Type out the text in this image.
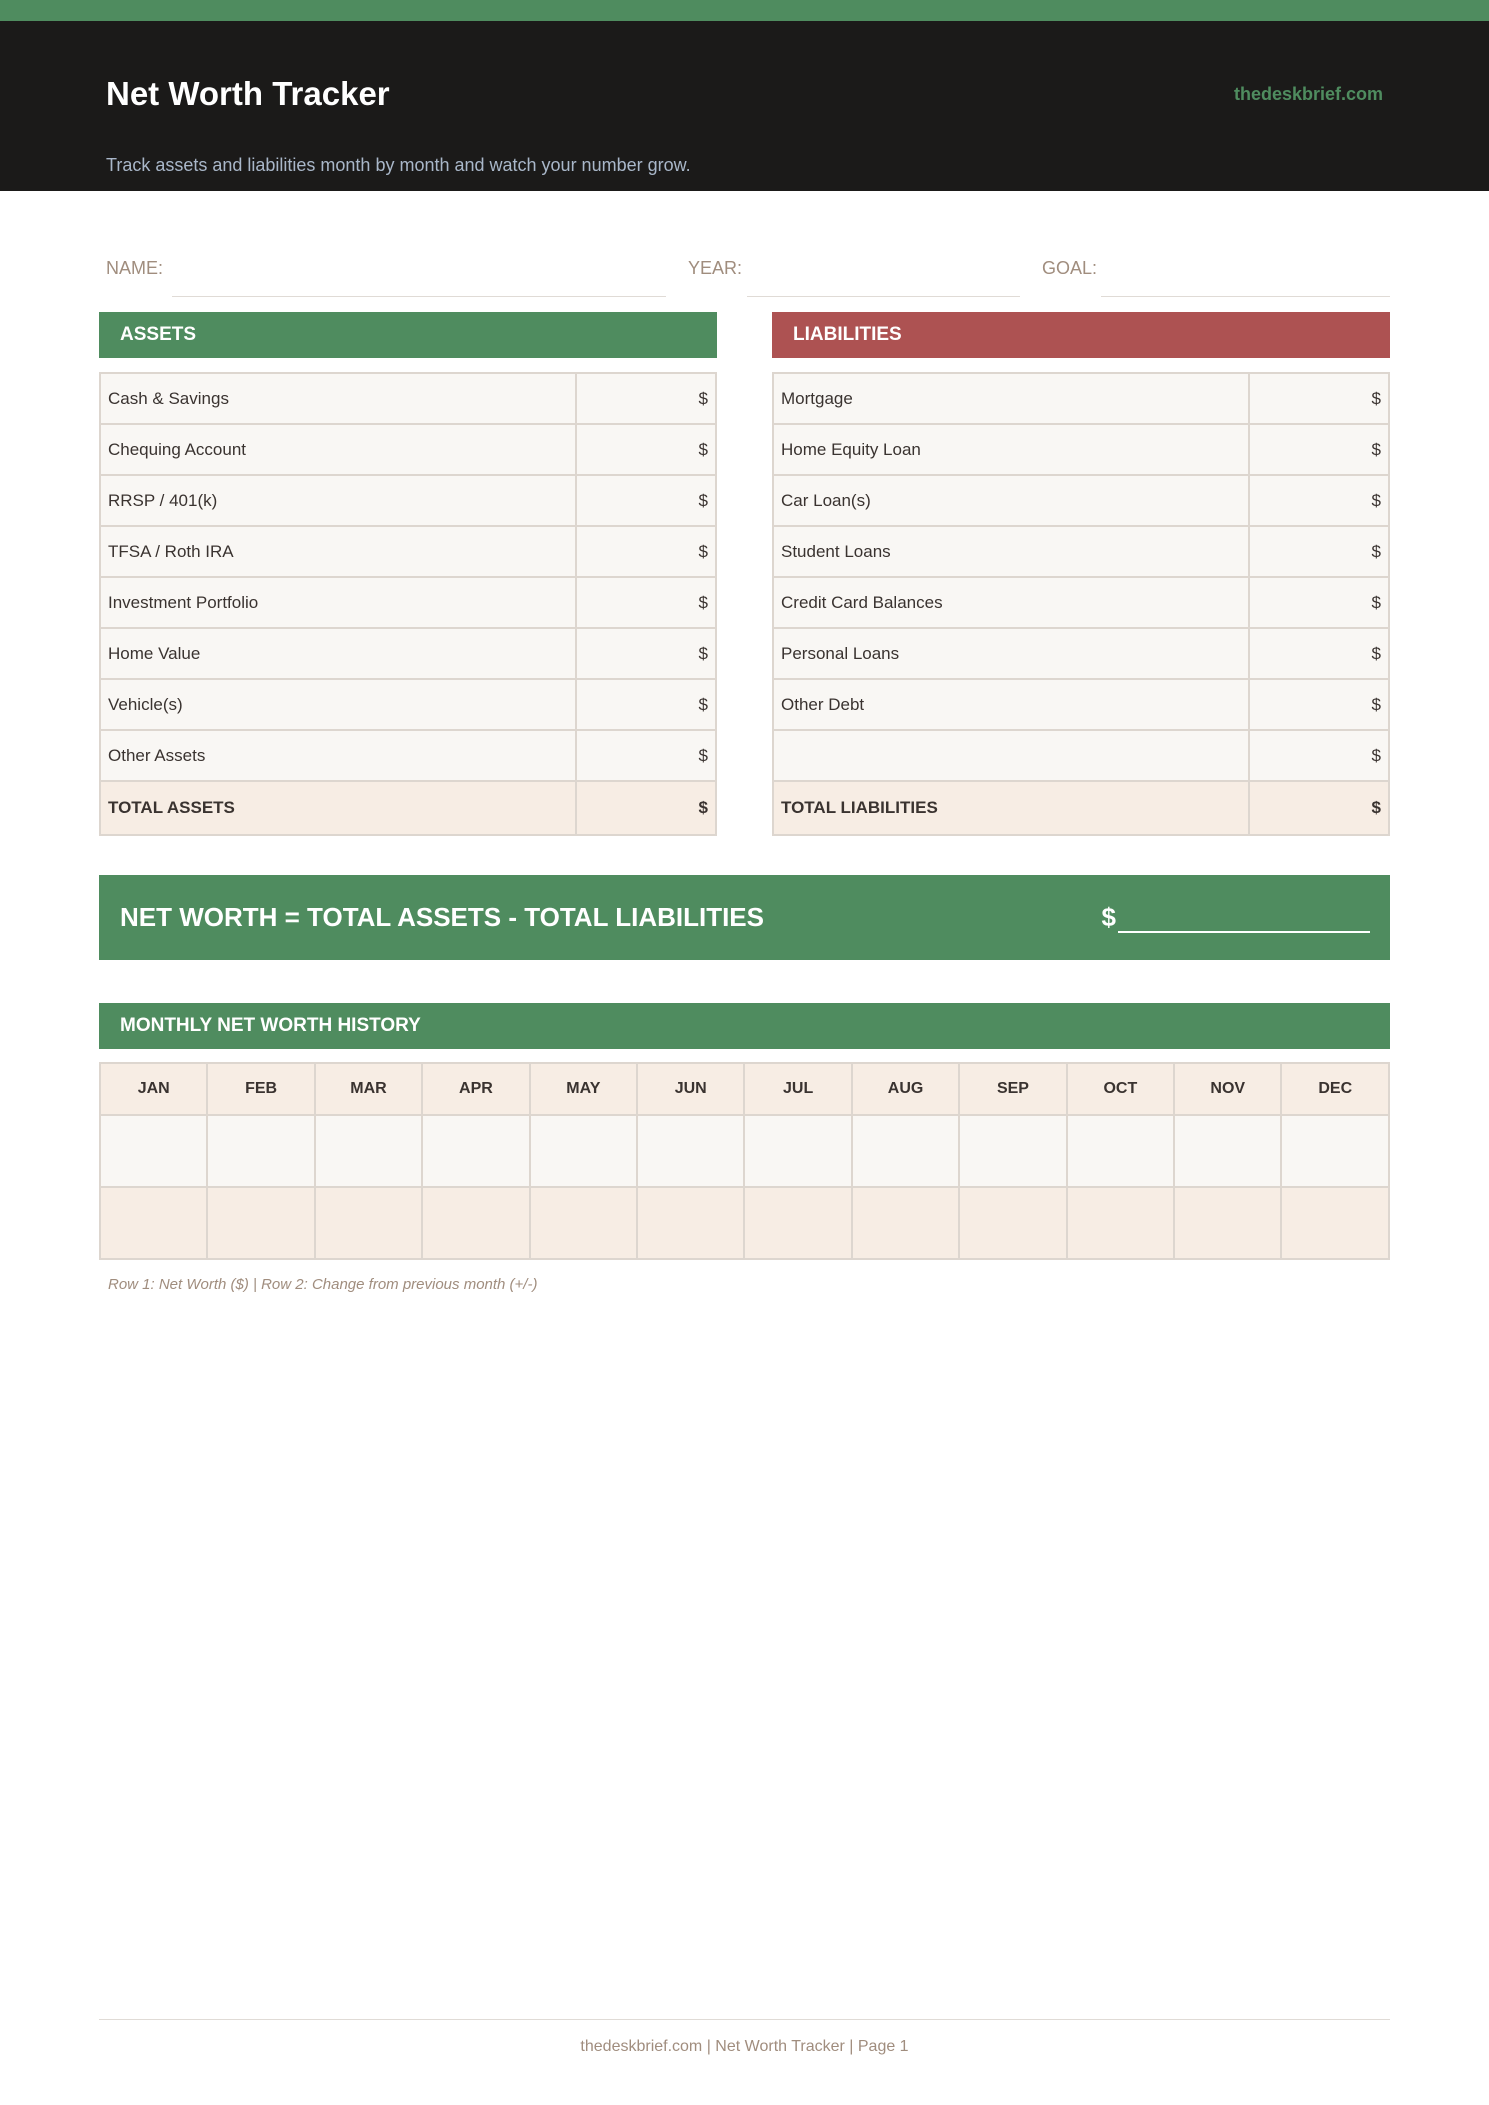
Net Worth Tracker	thedeskbrief.com
Track assets and liabilities month by month and watch your number grow.
NAME:	YEAR:	GOAL:
ASSETS	LIABILITIES
Cash & Savings	$
Chequing Account	$
RRSP / 401(k)	$
TFSA / Roth IRA	$
Investment Portfolio	$
Home Value	$
Vehicle(s)	$
Other Assets	$
TOTAL ASSETS	$
Mortgage	$
Home Equity Loan	$
Car Loan(s)	$
Student Loans	$
Credit Card Balances	$
Personal Loans	$
Other Debt	$
	$
TOTAL LIABILITIES	$
NET WORTH = TOTAL ASSETS - TOTAL LIABILITIES	$
MONTHLY NET WORTH HISTORY
JAN	FEB	MAR	APR	MAY	JUN	JUL	AUG	SEP	OCT	NOV	DEC

Row 1: Net Worth ($) | Row 2: Change from previous month (+/-)
thedeskbrief.com | Net Worth Tracker | Page 1
